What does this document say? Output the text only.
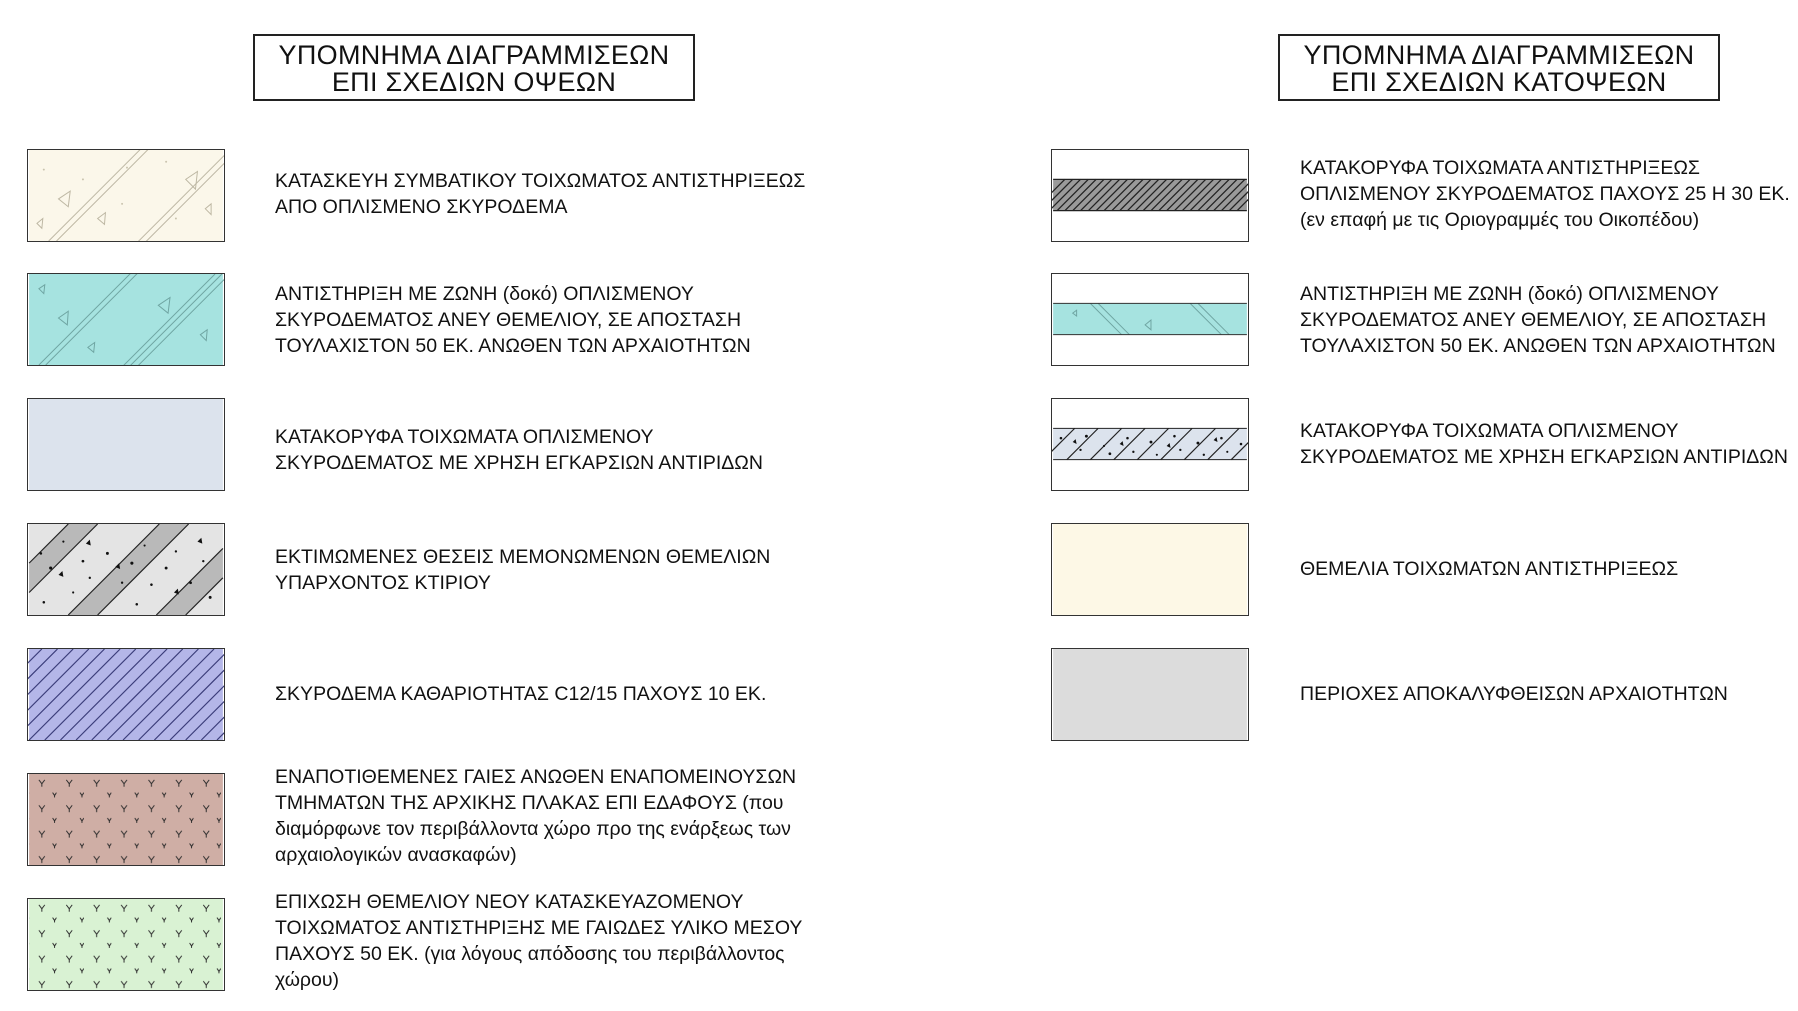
ΥΠΟΜΝΗΜΑ ΔΙΑΓΡΑΜΜΙΣΕΩΝ
ΕΠΙ ΣΧΕΔΙΩΝ ΟΨΕΩΝ
ΥΠΟΜΝΗΜΑ ΔΙΑΓΡΑΜΜΙΣΕΩΝ
ΕΠΙ ΣΧΕΔΙΩΝ ΚΑΤΟΨΕΩΝ
ΚΑΤΑΣΚΕΥΗ ΣΥΜΒΑΤΙΚΟΥ ΤΟΙΧΩΜΑΤΟΣ ΑΝΤΙΣΤΗΡΙΞΕΩΣ
ΑΠΟ ΟΠΛΙΣΜΕΝΟ ΣΚΥΡΟΔΕΜΑ
ΑΝΤΙΣΤΗΡΙΞΗ ΜΕ ΖΩΝΗ (δοκό) ΟΠΛΙΣΜΕΝΟΥ
ΣΚΥΡΟΔΕΜΑΤΟΣ ΑΝΕΥ ΘΕΜΕΛΙΟΥ, ΣΕ ΑΠΟΣΤΑΣΗ
ΤΟΥΛΑΧΙΣΤΟΝ 50 ΕΚ. ΑΝΩΘΕΝ ΤΩΝ ΑΡΧΑΙΟΤΗΤΩΝ
ΚΑΤΑΚΟΡΥΦΑ ΤΟΙΧΩΜΑΤΑ ΟΠΛΙΣΜΕΝΟΥ
ΣΚΥΡΟΔΕΜΑΤΟΣ ΜΕ ΧΡΗΣΗ ΕΓΚΑΡΣΙΩΝ ΑΝΤΙΡΙΔΩΝ
ΕΚΤΙΜΩΜΕΝΕΣ ΘΕΣΕΙΣ ΜΕΜΟΝΩΜΕΝΩΝ ΘΕΜΕΛΙΩΝ
ΥΠΑΡΧΟΝΤΟΣ ΚΤΙΡΙΟΥ
ΣΚΥΡΟΔΕΜΑ ΚΑΘΑΡΙΟΤΗΤΑΣ C12/15 ΠΑΧΟΥΣ 10 ΕΚ.
ΕΝΑΠΟΤΙΘΕΜΕΝΕΣ ΓΑΙΕΣ ΑΝΩΘΕΝ ΕΝΑΠΟΜΕΙΝΟΥΣΩΝ
ΤΜΗΜΑΤΩΝ ΤΗΣ ΑΡΧΙΚΗΣ ΠΛΑΚΑΣ ΕΠΙ ΕΔΑΦΟΥΣ (που
διαμόρφωνε τον περιβάλλοντα χώρο προ της ενάρξεως των
αρχαιολογικών ανασκαφών)
ΕΠΙΧΩΣΗ ΘΕΜΕΛΙΟΥ ΝΕΟΥ ΚΑΤΑΣΚΕΥΑΖΟΜΕΝΟΥ
ΤΟΙΧΩΜΑΤΟΣ ΑΝΤΙΣΤΗΡΙΞΗΣ ΜΕ ΓΑΙΩΔΕΣ ΥΛΙΚΟ ΜΕΣΟΥ
ΠΑΧΟΥΣ 50 ΕΚ. (για λόγους απόδοσης του περιβάλλοντος
χώρου)
ΚΑΤΑΚΟΡΥΦΑ ΤΟΙΧΩΜΑΤΑ ΑΝΤΙΣΤΗΡΙΞΕΩΣ
ΟΠΛΙΣΜΕΝΟΥ ΣΚΥΡΟΔΕΜΑΤΟΣ ΠΑΧΟΥΣ 25 Η 30 ΕΚ.
(εν επαφή με τις Οριογραμμές του Οικοπέδου)
ΑΝΤΙΣΤΗΡΙΞΗ ΜΕ ΖΩΝΗ (δοκό) ΟΠΛΙΣΜΕΝΟΥ
ΣΚΥΡΟΔΕΜΑΤΟΣ ΑΝΕΥ ΘΕΜΕΛΙΟΥ, ΣΕ ΑΠΟΣΤΑΣΗ
ΤΟΥΛΑΧΙΣΤΟΝ 50 ΕΚ. ΑΝΩΘΕΝ ΤΩΝ ΑΡΧΑΙΟΤΗΤΩΝ
ΚΑΤΑΚΟΡΥΦΑ ΤΟΙΧΩΜΑΤΑ ΟΠΛΙΣΜΕΝΟΥ
ΣΚΥΡΟΔΕΜΑΤΟΣ ΜΕ ΧΡΗΣΗ ΕΓΚΑΡΣΙΩΝ ΑΝΤΙΡΙΔΩΝ
ΘΕΜΕΛΙΑ ΤΟΙΧΩΜΑΤΩΝ ΑΝΤΙΣΤΗΡΙΞΕΩΣ
ΠΕΡΙΟΧΕΣ ΑΠΟΚΑΛΥΦΘΕΙΣΩΝ ΑΡΧΑΙΟΤΗΤΩΝ
